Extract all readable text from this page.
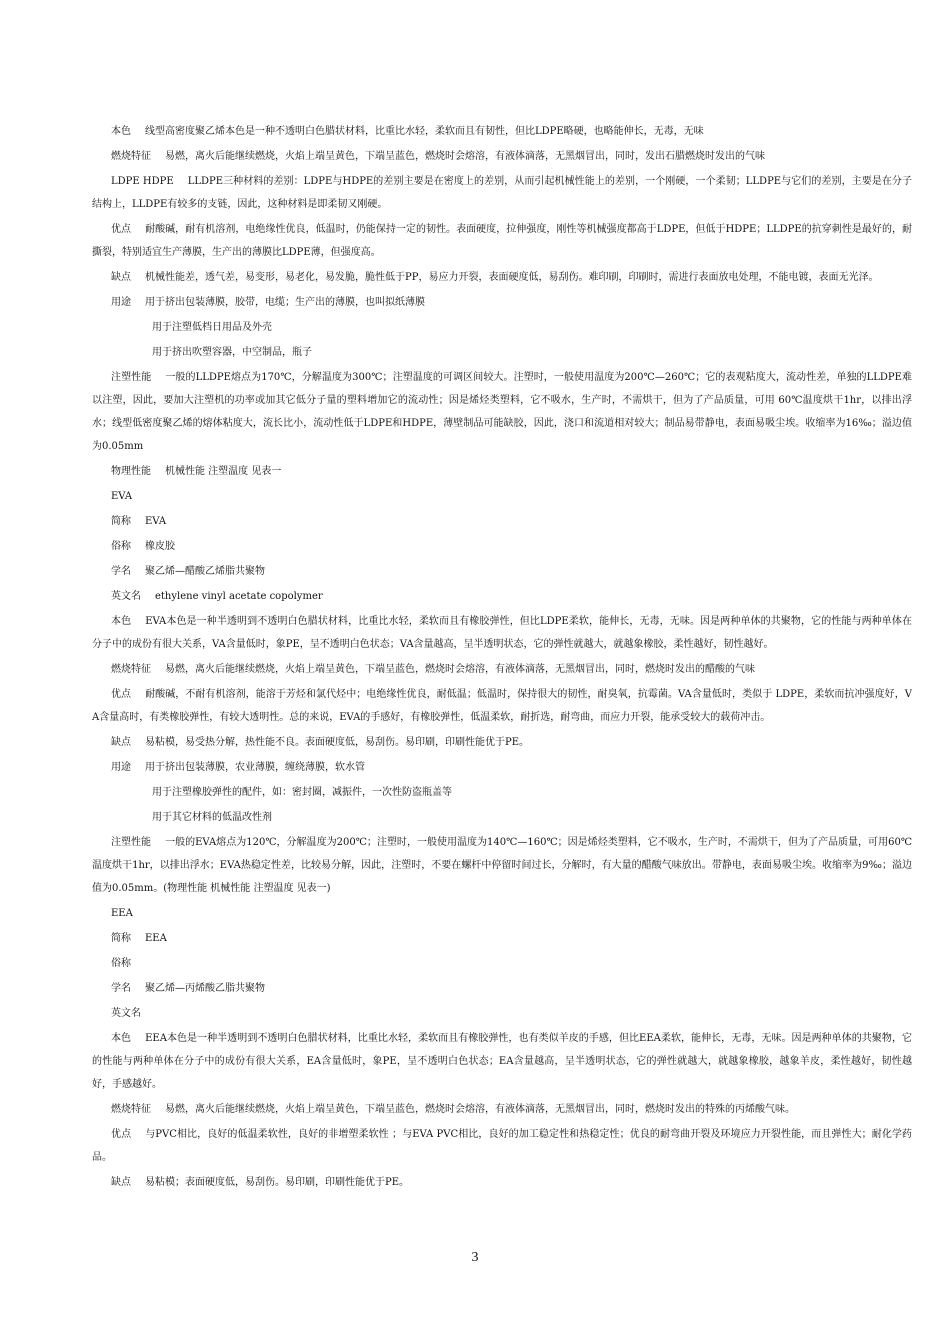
本色 线型高密度聚乙烯本色是一种不透明白色腊状材料，比重比水轻，柔软而且有韧性，但比LDPE略硬，也略能伸长，无毒，无味

燃烧特征 易燃，离火后能继续燃烧，火焰上端呈黄色，下端呈蓝色，燃烧时会熔溶，有液体滴落，无黑烟冒出，同时，发出石腊燃烧时发出的气味

LDPE HDPE LLDPE三种材料的差别：LDPE与HDPE的差别主要是在密度上的差别，从而引起机械性能上的差别，一个刚硬，一个柔韧；LLDPE与它们的差别，主要是在分子结构上，LLDPE有较多的支链，因此，这种材料是即柔韧又刚硬。

优点 耐酸碱，耐有机溶剂，电绝缘性优良，低温时，仍能保持一定的韧性。表面硬度，拉伸强度，刚性等机械强度都高于LDPE，但低于HDPE；LLDPE的抗穿刺性是最好的，耐撕裂，特别适宜生产薄膜，生产出的薄膜比LDPE薄，但强度高。

缺点 机械性能差，透气差，易变形，易老化，易发脆，脆性低于PP，易应力开裂，表面硬度低，易刮伤。难印刷，印刷时，需进行表面放电处理，不能电镀，表面无光泽。

用途 用于挤出包装薄膜，胶带，电缆；生产出的薄膜，也叫拟纸薄膜

用于注塑低档日用品及外壳

用于挤出吹塑容器，中空制品，瓶子

注塑性能 一般的LLDPE熔点为170℃，分解温度为300℃；注塑温度的可调区间较大。注塑时，一般使用温度为200℃—260℃；它的表观粘度大，流动性差，单独的LLDPE难以注塑，因此，要加大注塑机的功率或加其它低分子量的塑料增加它的流动性；因是烯烃类塑料，它不吸水，生产时，不需烘干，但为了产品质量，可用 60℃温度烘干1hr，以排出浮水；线型低密度聚乙烯的熔体粘度大，流长比小，流动性低于LDPE和HDPE，薄壁制品可能缺胶，因此，浇口和流道相对较大；制品易带静电，表面易吸尘埃。收缩率为16‰；溢边值为0.05mm

物理性能 机械性能 注塑温度 见表一

EVA

简称 EVA

俗称 橡皮胶

学名 聚乙烯—醋酸乙烯脂共聚物

英文名 ethylene vinyl acetate copolymer

本色 EVA本色是一种半透明到不透明白色腊状材料，比重比水轻，柔软而且有橡胶弹性，但比LDPE柔软，能伸长，无毒，无味。因是两种单体的共聚物，它的性能与两种单体在分子中的成份有很大关系，VA含量低时，象PE，呈不透明白色状态；VA含量越高，呈半透明状态，它的弹性就越大，就越象橡胶，柔性越好，韧性越好。

燃烧特征 易燃，离火后能继续燃烧，火焰上端呈黄色，下端呈蓝色，燃烧时会熔溶，有液体滴落，无黑烟冒出，同时，燃烧时发出的醋酸的气味

优点 耐酸碱，不耐有机溶剂，能溶于芳烃和氯代烃中；电绝缘性优良，耐低温；低温时，保持很大的韧性，耐臭氧，抗霉菌。VA含量低时，类似于 LDPE，柔软而抗冲强度好，VA含量高时，有类橡胶弹性，有较大透明性。总的来说，EVA的手感好，有橡胶弹性，低温柔软，耐折选，耐弯曲，而应力开裂，能承受较大的载荷冲击。

缺点 易粘模，易受热分解，热性能不良。表面硬度低，易刮伤。易印刷，印刷性能优于PE。

用途 用于挤出包装薄膜，农业薄膜，缠绕薄膜，软水管

用于注塑橡胶弹性的配件，如：密封圈，减振件，一次性防盗瓶盖等

用于其它材料的低温改性剂

注塑性能 一般的EVA熔点为120℃，分解温度为200℃；注塑时，一般使用温度为140℃—160℃；因是烯烃类塑料，它不吸水，生产时，不需烘干，但为了产品质量，可用60℃温度烘干1hr，以排出浮水；EVA热稳定性差，比较易分解，因此，注塑时，不要在螺杆中停留时间过长，分解时，有大量的醋酸气味放出。带静电，表面易吸尘埃。收缩率为9‰；溢边值为0.05mm。(物理性能 机械性能 注塑温度 见表一)

EEA

简称 EEA

俗称

学名 聚乙烯—丙烯酸乙脂共聚物

英文名

本色 EEA本色是一种半透明到不透明白色腊状材料，比重比水轻，柔软而且有橡胶弹性，也有类似羊皮的手感，但比EEA柔软，能伸长，无毒，无味。因是两种单体的共聚物，它的性能与两种单体在分子中的成份有很大关系，EA含量低时，象PE，呈不透明白色状态；EA含量越高，呈半透明状态，它的弹性就越大，就越象橡胶，越象羊皮，柔性越好，韧性越好，手感越好。

燃烧特征 易燃，离火后能继续燃烧，火焰上端呈黄色，下端呈蓝色，燃烧时会熔溶，有液体滴落，无黑烟冒出，同时，燃烧时发出的特殊的丙烯酸气味。

优点 与PVC相比，良好的低温柔软性，良好的非增塑柔软性 ；与EVA PVC相比，良好的加工稳定性和热稳定性；优良的耐弯曲开裂及环境应力开裂性能，而且弹性大；耐化学药品。

缺点 易粘模；表面硬度低，易刮伤。易印刷，印刷性能优于PE。

3
